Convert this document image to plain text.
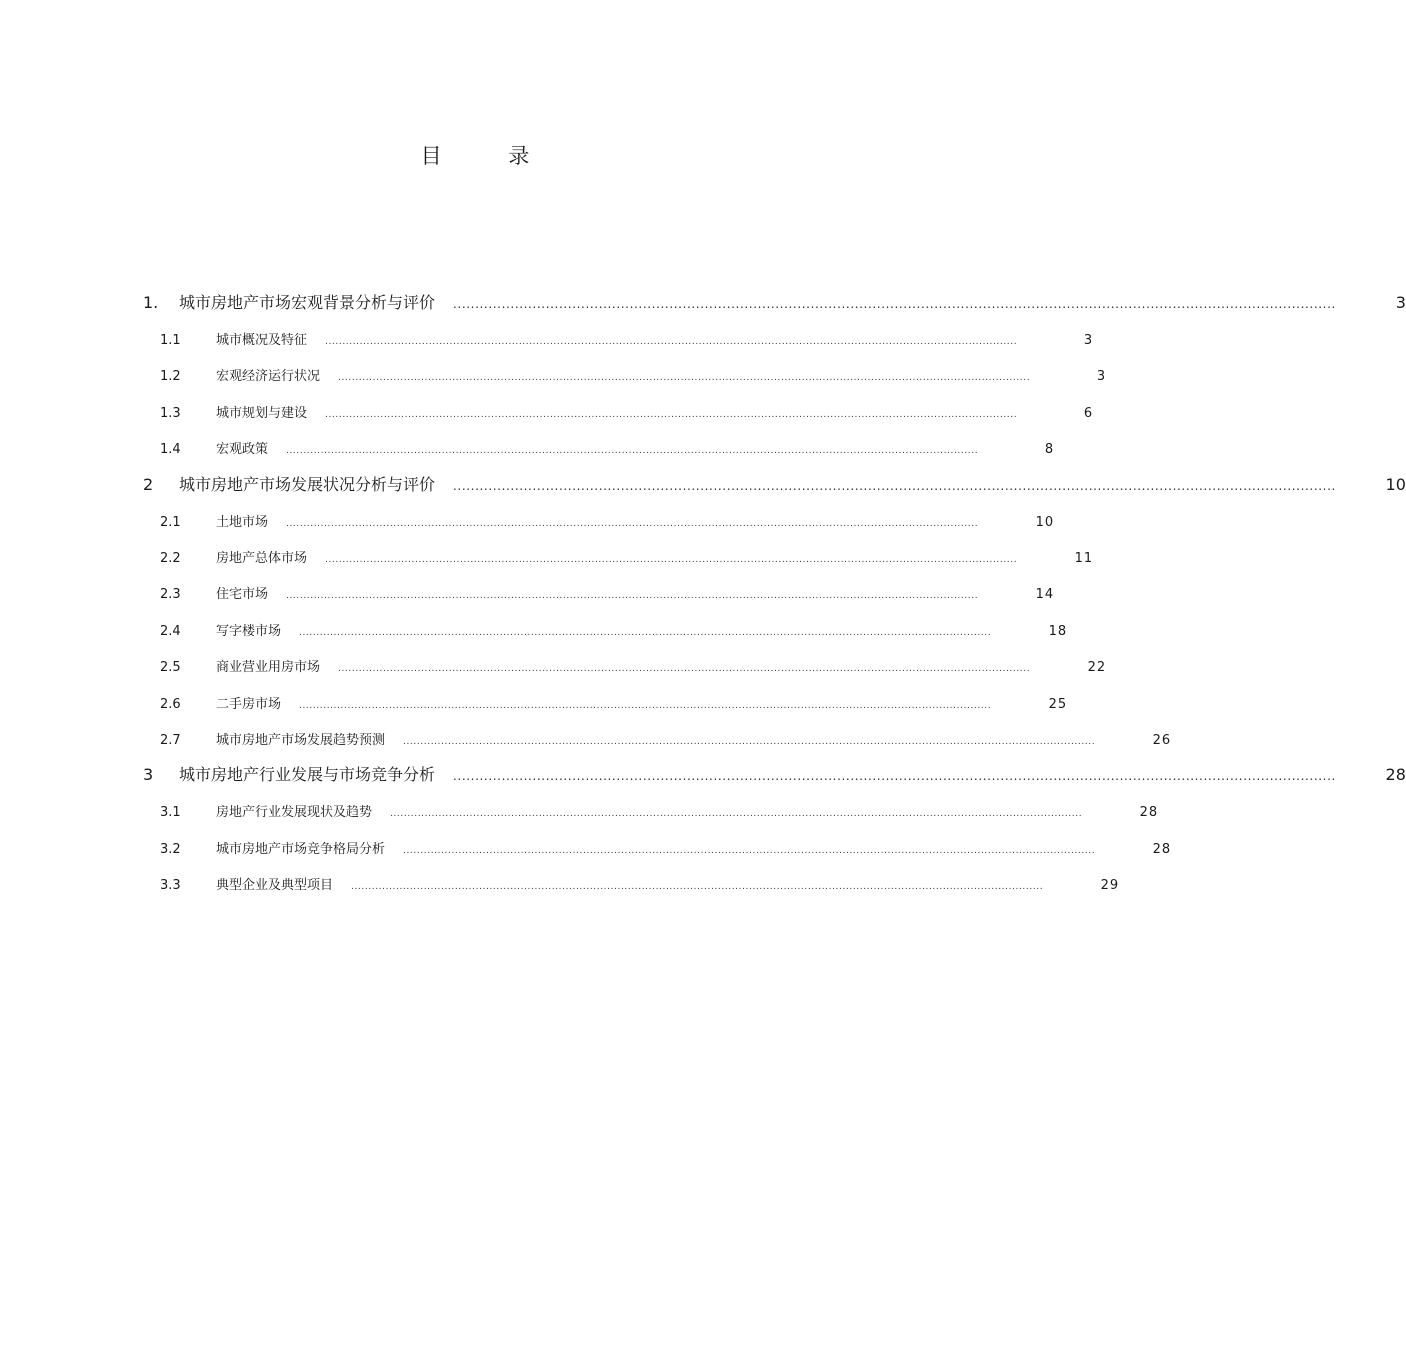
目 录
1.	城市房地产市场宏观背景分析与评价 ........................................................................................................................................................................................................	3
1.1	城市概况及特征 ........................................................................................................................................................................................................	3
1.2	宏观经济运行状况 ........................................................................................................................................................................................................	3
1.3	城市规划与建设 ........................................................................................................................................................................................................	6
1.4	宏观政策 ........................................................................................................................................................................................................	8
2	城市房地产市场发展状况分析与评价 ........................................................................................................................................................................................................	10
2.1	土地市场 ........................................................................................................................................................................................................	10
2.2	房地产总体市场 ........................................................................................................................................................................................................	11
2.3	住宅市场 ........................................................................................................................................................................................................	14
2.4	写字楼市场 ........................................................................................................................................................................................................	18
2.5	商业营业用房市场 ........................................................................................................................................................................................................	22
2.6	二手房市场 ........................................................................................................................................................................................................	25
2.7	城市房地产市场发展趋势预测 ........................................................................................................................................................................................................	26
3	城市房地产行业发展与市场竞争分析 ........................................................................................................................................................................................................	28
3.1	房地产行业发展现状及趋势 ........................................................................................................................................................................................................	28
3.2	城市房地产市场竞争格局分析 ........................................................................................................................................................................................................	28
3.3	典型企业及典型项目 ........................................................................................................................................................................................................	29
